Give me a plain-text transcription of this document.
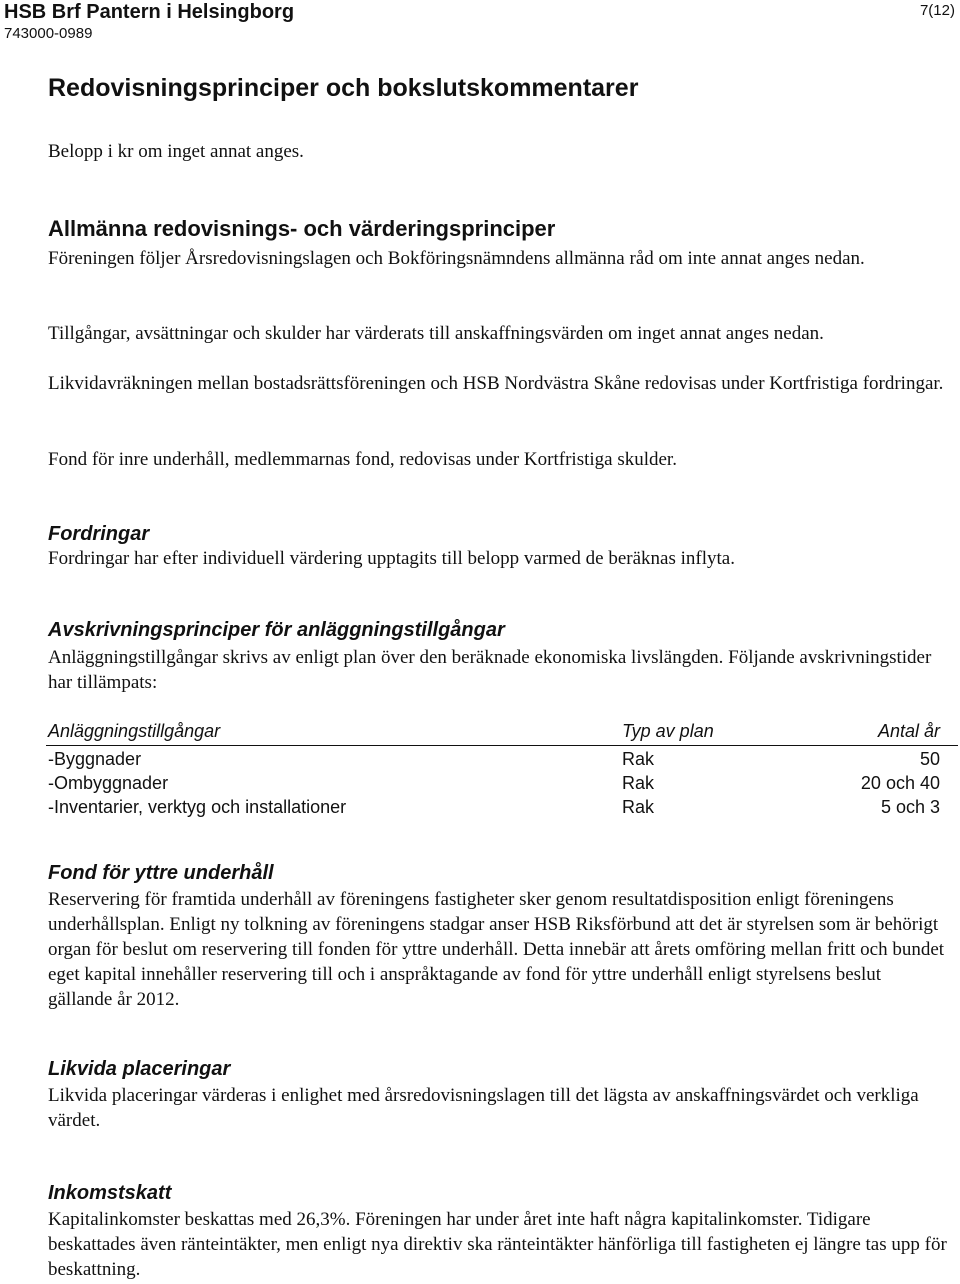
HSB Brf Pantern i Helsingborg
743000-0989
7(12)
Redovisningsprinciper och bokslutskommentarer

Belopp i kr om inget annat anges.

Allmänna redovisnings- och värderingsprinciper

Föreningen följer Årsredovisningslagen och Bokföringsnämndens allmänna råd om inte annat anges nedan.

Tillgångar, avsättningar och skulder har värderats till anskaffningsvärden om inget annat anges nedan.

Likvidavräkningen mellan bostadsrättsföreningen och HSB Nordvästra Skåne redovisas under Kortfristiga fordringar.

Fond för inre underhåll, medlemmarnas fond, redovisas under Kortfristiga skulder.

Fordringar

Fordringar har efter individuell värdering upptagits till belopp varmed de beräknas inflyta.

Avskrivningsprinciper för anläggningstillgångar

Anläggningstillgångar skrivs av enligt plan över den beräknade ekonomiska livslängden. Följande avskrivningstider har tillämpats:

Anläggningstillgångar	Typ av plan	Antal år
-Byggnader	Rak	50
-Ombyggnader	Rak	20 och 40
-Inventarier, verktyg och installationer	Rak	5 och 3

Fond för yttre underhåll

Reservering för framtida underhåll av föreningens fastigheter sker genom resultatdisposition enligt föreningens underhållsplan. Enligt ny tolkning av föreningens stadgar anser HSB Riksförbund att det är styrelsen som är behörigt organ för beslut om reservering till fonden för yttre underhåll. Detta innebär att årets omföring mellan fritt och bundet eget kapital innehåller reservering till och i anspråktagande av fond för yttre underhåll enligt styrelsens beslut gällande år 2012.

Likvida placeringar

Likvida placeringar värderas i enlighet med årsredovisningslagen till det lägsta av anskaffningsvärdet och verkliga värdet.

Inkomstskatt

Kapitalinkomster beskattas med 26,3%. Föreningen har under året inte haft några kapitalinkomster. Tidigare beskattades även ränteintäkter, men enligt nya direktiv ska ränteintäkter hänförliga till fastigheten ej längre tas upp för beskattning.
